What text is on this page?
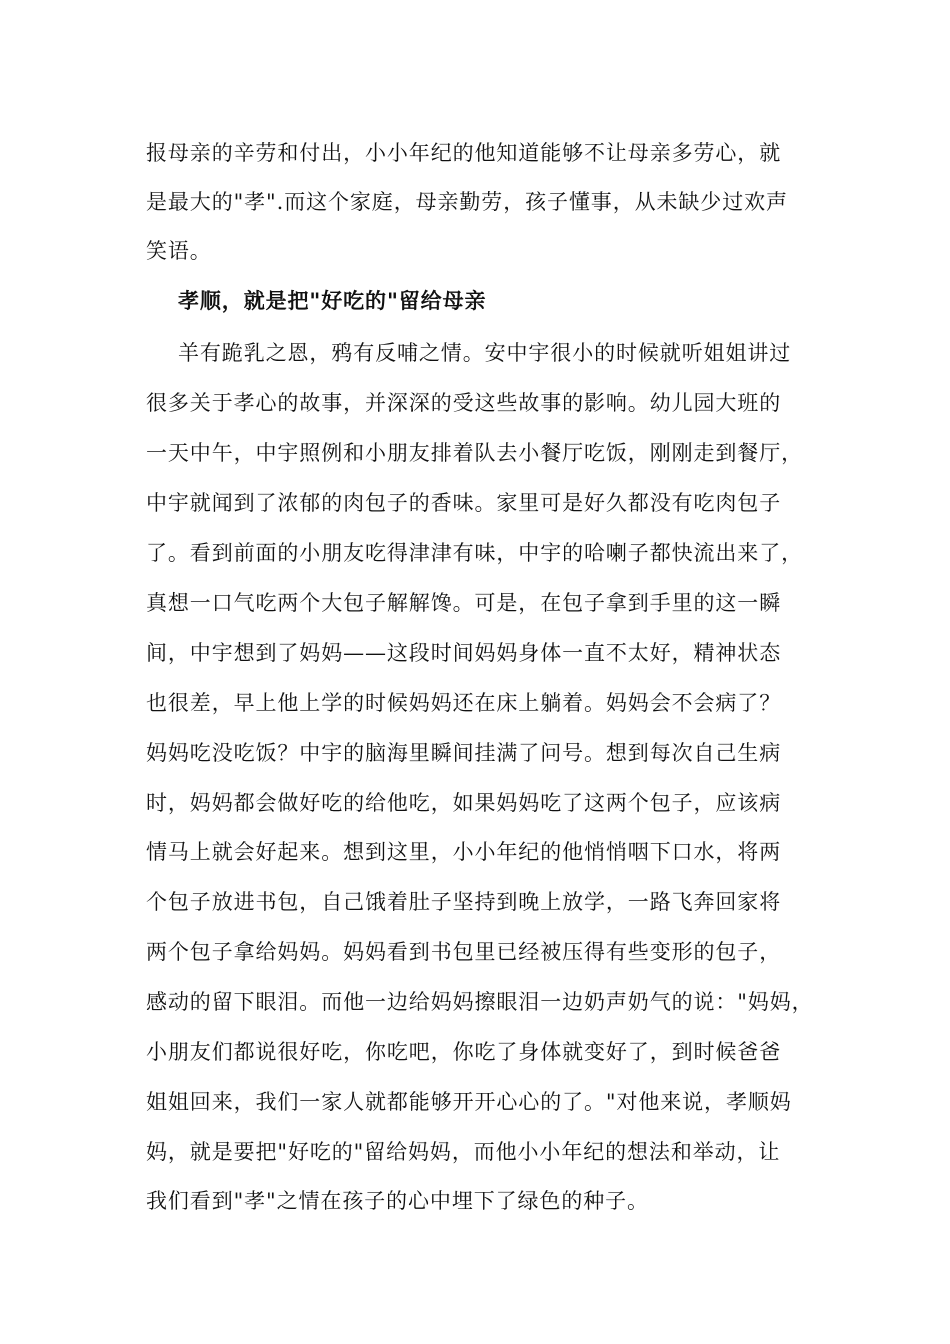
报母亲的辛劳和付出，小小年纪的他知道能够不让母亲多劳心，就
是最大的"孝".而这个家庭，母亲勤劳，孩子懂事，从未缺少过欢声
笑语。
孝顺，就是把"好吃的"留给母亲
羊有跪乳之恩，鸦有反哺之情。安中宇很小的时候就听姐姐讲过
很多关于孝心的故事，并深深的受这些故事的影响。幼儿园大班的
一天中午，中宇照例和小朋友排着队去小餐厅吃饭，刚刚走到餐厅，
中宇就闻到了浓郁的肉包子的香味。家里可是好久都没有吃肉包子
了。看到前面的小朋友吃得津津有味，中宇的哈喇子都快流出来了，
真想一口气吃两个大包子解解馋。可是，在包子拿到手里的这一瞬
间，中宇想到了妈妈——这段时间妈妈身体一直不太好，精神状态
也很差，早上他上学的时候妈妈还在床上躺着。妈妈会不会病了？
妈妈吃没吃饭？中宇的脑海里瞬间挂满了问号。想到每次自己生病
时，妈妈都会做好吃的给他吃，如果妈妈吃了这两个包子，应该病
情马上就会好起来。想到这里，小小年纪的他悄悄咽下口水，将两
个包子放进书包，自己饿着肚子坚持到晚上放学，一路飞奔回家将
两个包子拿给妈妈。妈妈看到书包里已经被压得有些变形的包子，
感动的留下眼泪。而他一边给妈妈擦眼泪一边奶声奶气的说："妈妈，
小朋友们都说很好吃，你吃吧，你吃了身体就变好了，到时候爸爸
姐姐回来，我们一家人就都能够开开心心的了。"对他来说，孝顺妈
妈，就是要把"好吃的"留给妈妈，而他小小年纪的想法和举动，让
我们看到"孝"之情在孩子的心中埋下了绿色的种子。
